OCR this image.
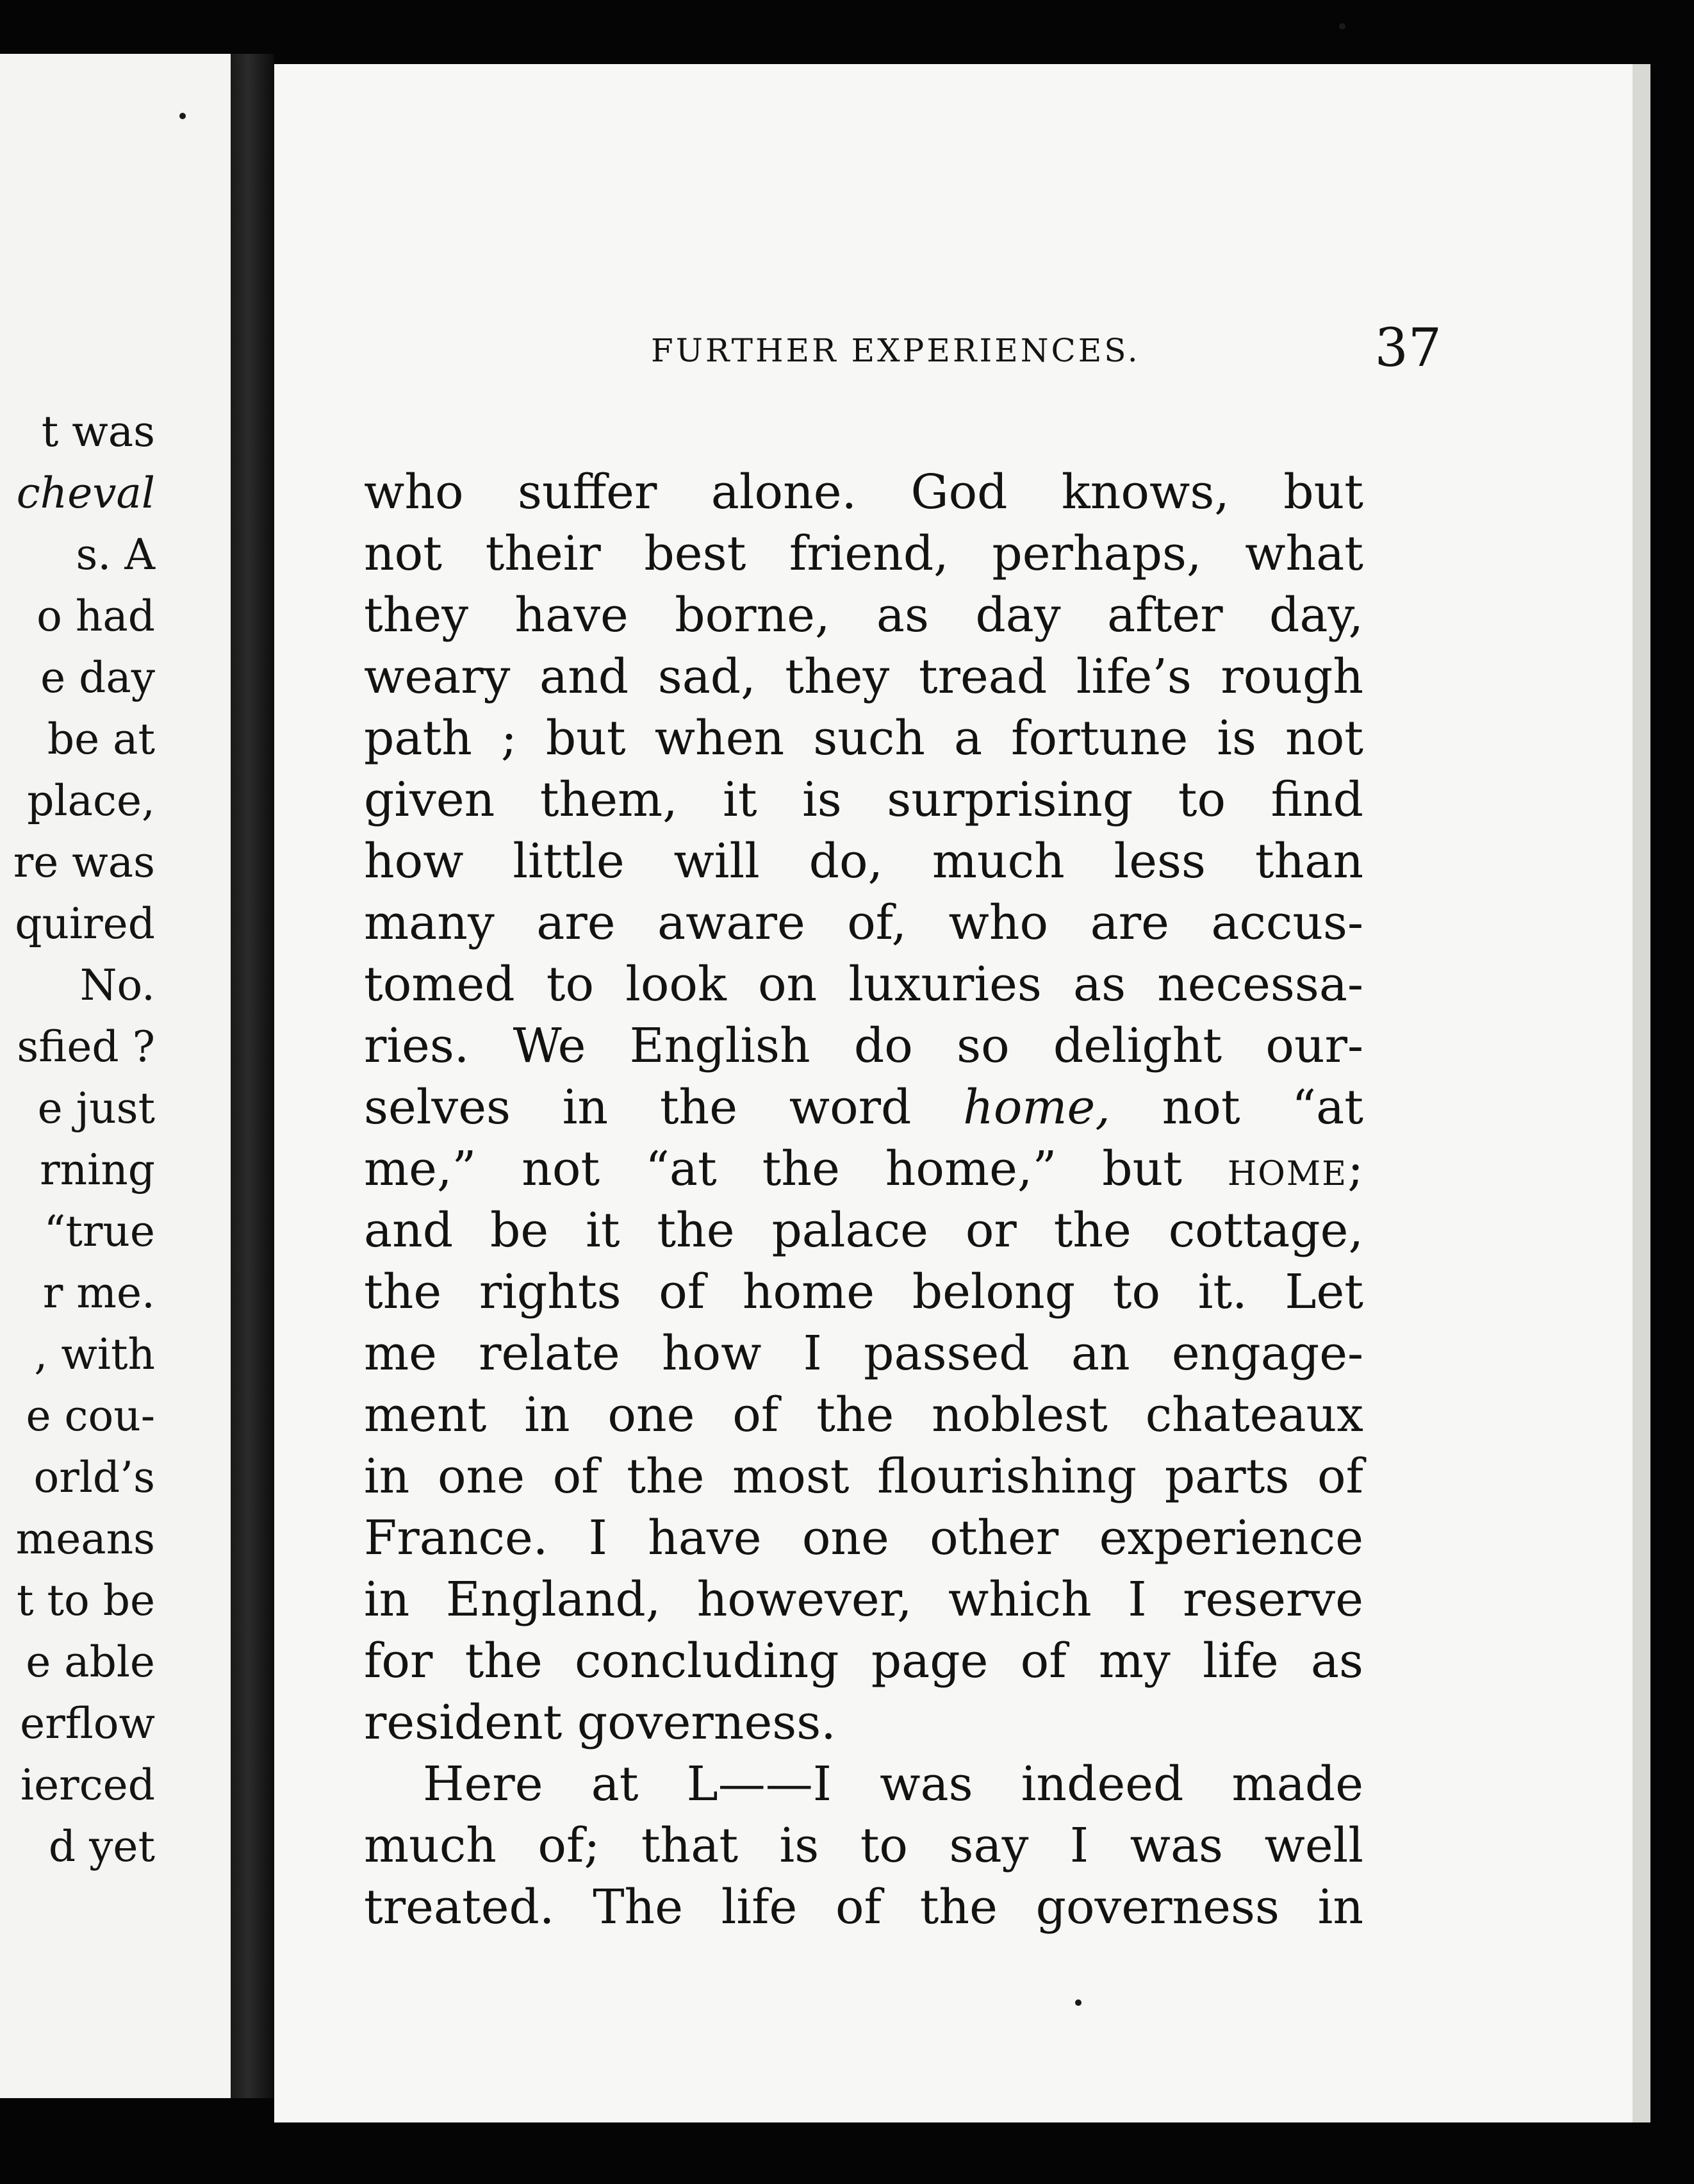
t was
cheval
s. A
o had
e day
be at
place,
re was
quired
No.
sfied ?
e just
rning
“true
r me.
, with
e cou-
orld’s
means
t to be
e able
erflow
ierced
d yet
FURTHER EXPERIENCES.	37
who suffer alone. God knows, but
not their best friend, perhaps, what
they have borne, as day after day,
weary and sad, they tread life’s rough
path ; but when such a fortune is not
given them, it is surprising to find
how little will do, much less than
many are aware of, who are accus-
tomed to look on luxuries as necessa-
ries. We English do so delight our-
selves in the word home, not “at
me,” not “at the home,” but home;
and be it the palace or the cottage,
the rights of home belong to it. Let
me relate how I passed an engage-
ment in one of the noblest chateaux
in one of the most flourishing parts of
France. I have one other experience
in England, however, which I reserve
for the concluding page of my life as
resident governess.
Here at L——I was indeed made
much of; that is to say I was well
treated. The life of the governess in
